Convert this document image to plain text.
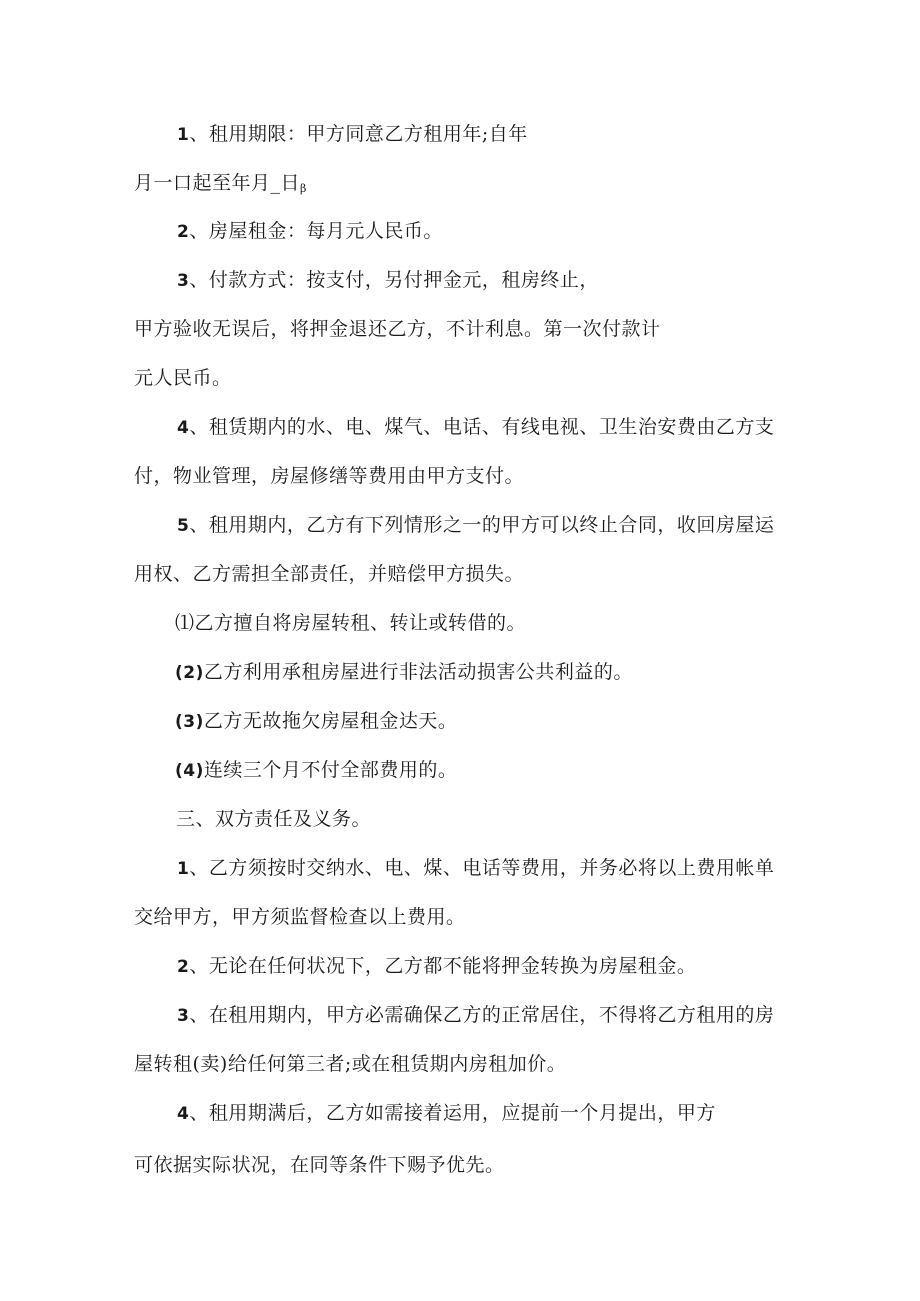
1、租用期限：甲方同意乙方租用年;自年
月一口起至年月_日β
2、房屋租金：每月元人民币。
3、付款方式：按支付，另付押金元，租房终止，
甲方验收无误后，将押金退还乙方，不计利息。第一次付款计
元人民币。
4、租赁期内的水、电、煤气、电话、有线电视、卫生治安费由乙方支
付，物业管理，房屋修缮等费用由甲方支付。
5、租用期内，乙方有下列情形之一的甲方可以终止合同，收回房屋运
用权、乙方需担全部责任，并赔偿甲方损失。
⑴乙方擅自将房屋转租、转让或转借的。
(2)乙方利用承租房屋进行非法活动损害公共利益的。
(3)乙方无故拖欠房屋租金达天。
(4)连续三个月不付全部费用的。
三、双方责任及义务。
1、乙方须按时交纳水、电、煤、电话等费用，并务必将以上费用帐单
交给甲方，甲方须监督检查以上费用。
2、无论在任何状况下，乙方都不能将押金转换为房屋租金。
3、在租用期内，甲方必需确保乙方的正常居住，不得将乙方租用的房
屋转租(卖)给任何第三者;或在租赁期内房租加价。
4、租用期满后，乙方如需接着运用，应提前一个月提出，甲方
可依据实际状况，在同等条件下赐予优先。
